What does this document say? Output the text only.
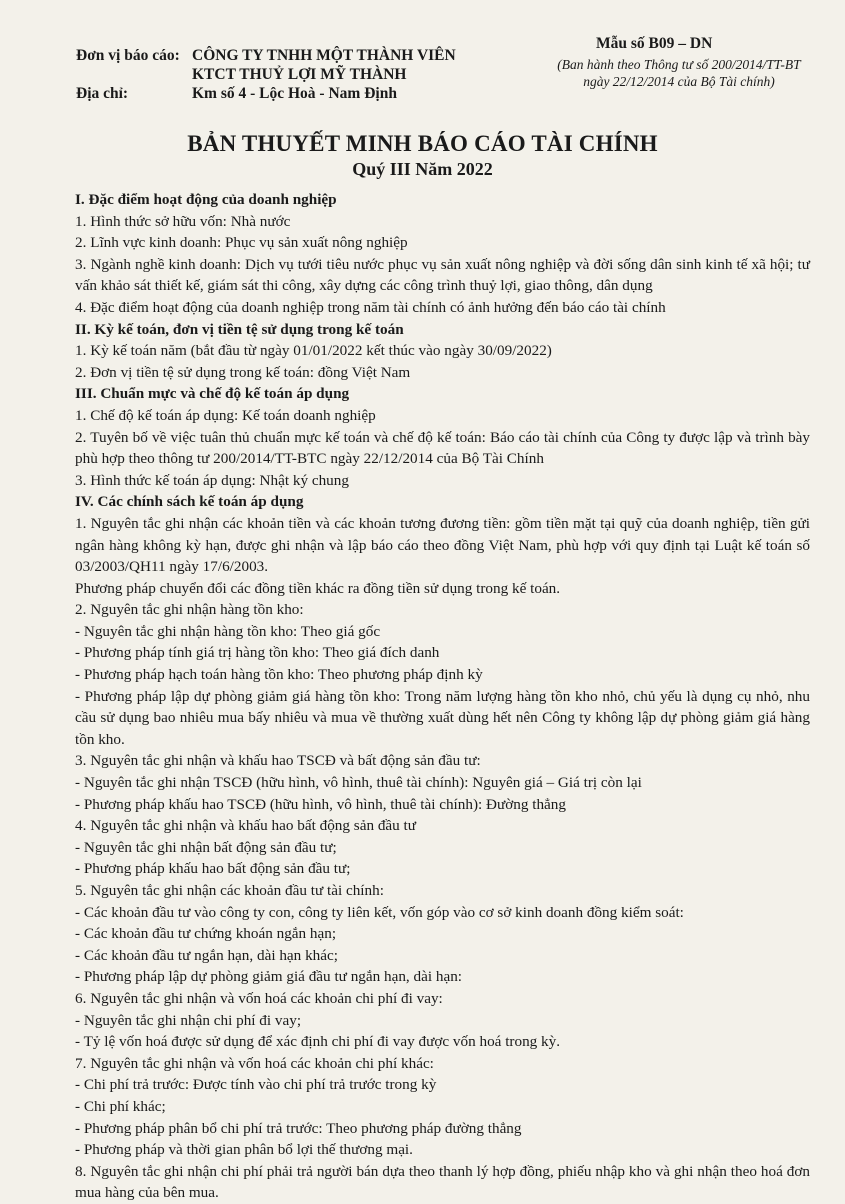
Đơn vị báo cáo: CÔNG TY TNHH MỘT THÀNH VIÊN
KTCT THUỶ LỢI MỸ THÀNH
Địa chỉ:	Km số 4 - Lộc Hoà - Nam Định
Mẫu số B09 – DN
(Ban hành theo Thông tư số 200/2014/TT-BT
ngày 22/12/2014 của Bộ Tài chính)
BẢN THUYẾT MINH BÁO CÁO TÀI CHÍNH
Quý III Năm 2022

I. Đặc điểm hoạt động của doanh nghiệp

1. Hình thức sở hữu vốn: Nhà nước

2. Lĩnh vực kinh doanh: Phục vụ sản xuất nông nghiệp

3. Ngành nghề kinh doanh: Dịch vụ tưới tiêu nước phục vụ sản xuất nông nghiệp và đời sống dân sinh kinh tế xã hội; tư vấn khảo sát thiết kế, giám sát thi công, xây dựng các công trình thuỷ lợi, giao thông, dân dụng

4. Đặc điểm hoạt động của doanh nghiệp trong năm tài chính có ảnh hưởng đến báo cáo tài chính

II. Kỳ kế toán, đơn vị tiền tệ sử dụng trong kế toán

1. Kỳ kế toán năm (bắt đầu từ ngày 01/01/2022 kết thúc vào ngày 30/09/2022)

2. Đơn vị tiền tệ sử dụng trong kế toán: đồng Việt Nam

III. Chuẩn mực và chế độ kế toán áp dụng

1. Chế độ kế toán áp dụng: Kế toán doanh nghiệp

2. Tuyên bố về việc tuân thủ chuẩn mực kế toán và chế độ kế toán: Báo cáo tài chính của Công ty được lập và trình bày phù hợp theo thông tư 200/2014/TT-BTC ngày 22/12/2014 của Bộ Tài Chính

3. Hình thức kế toán áp dụng: Nhật ký chung

IV. Các chính sách kế toán áp dụng

1. Nguyên tắc ghi nhận các khoản tiền và các khoản tương đương tiền: gồm tiền mặt tại quỹ của doanh nghiệp, tiền gửi ngân hàng không kỳ hạn, được ghi nhận và lập báo cáo theo đồng Việt Nam, phù hợp với quy định tại Luật kế toán số 03/2003/QH11 ngày 17/6/2003.

Phương pháp chuyển đổi các đồng tiền khác ra đồng tiền sử dụng trong kế toán.

2. Nguyên tắc ghi nhận hàng tồn kho:

- Nguyên tắc ghi nhận hàng tồn kho: Theo giá gốc

- Phương pháp tính giá trị hàng tồn kho: Theo giá đích danh

- Phương pháp hạch toán hàng tồn kho: Theo phương pháp định kỳ

- Phương pháp lập dự phòng giảm giá hàng tồn kho: Trong năm lượng hàng tồn kho nhỏ, chủ yếu là dụng cụ nhỏ, nhu cầu sử dụng bao nhiêu mua bấy nhiêu và mua về thường xuất dùng hết nên Công ty không lập dự phòng giảm giá hàng tồn kho.

3. Nguyên tắc ghi nhận và khấu hao TSCĐ và bất động sản đầu tư:

- Nguyên tắc ghi nhận TSCĐ (hữu hình, vô hình, thuê tài chính): Nguyên giá – Giá trị còn lại

- Phương pháp khấu hao TSCĐ (hữu hình, vô hình, thuê tài chính): Đường thẳng

4. Nguyên tắc ghi nhận và khấu hao bất động sản đầu tư

- Nguyên tắc ghi nhận bất động sản đầu tư;

- Phương pháp khấu hao bất động sản đầu tư;

5. Nguyên tắc ghi nhận các khoản đầu tư tài chính:

- Các khoản đầu tư vào công ty con, công ty liên kết, vốn góp vào cơ sở kinh doanh đồng kiểm soát:

- Các khoản đầu tư chứng khoán ngắn hạn;

- Các khoản đầu tư ngắn hạn, dài hạn khác;

- Phương pháp lập dự phòng giảm giá đầu tư ngắn hạn, dài hạn:

6. Nguyên tắc ghi nhận và vốn hoá các khoản chi phí đi vay:

- Nguyên tắc ghi nhận chi phí đi vay;

- Tỷ lệ vốn hoá được sử dụng để xác định chi phí đi vay được vốn hoá trong kỳ.

7. Nguyên tắc ghi nhận và vốn hoá các khoản chi phí khác:

- Chi phí trả trước: Được tính vào chi phí trả trước trong kỳ

- Chi phí khác;

- Phương pháp phân bổ chi phí trả trước: Theo phương pháp đường thẳng

- Phương pháp và thời gian phân bổ lợi thế thương mại.

8. Nguyên tắc ghi nhận chi phí phải trả người bán dựa theo thanh lý hợp đồng, phiếu nhập kho và ghi nhận theo hoá đơn mua hàng của bên mua.
